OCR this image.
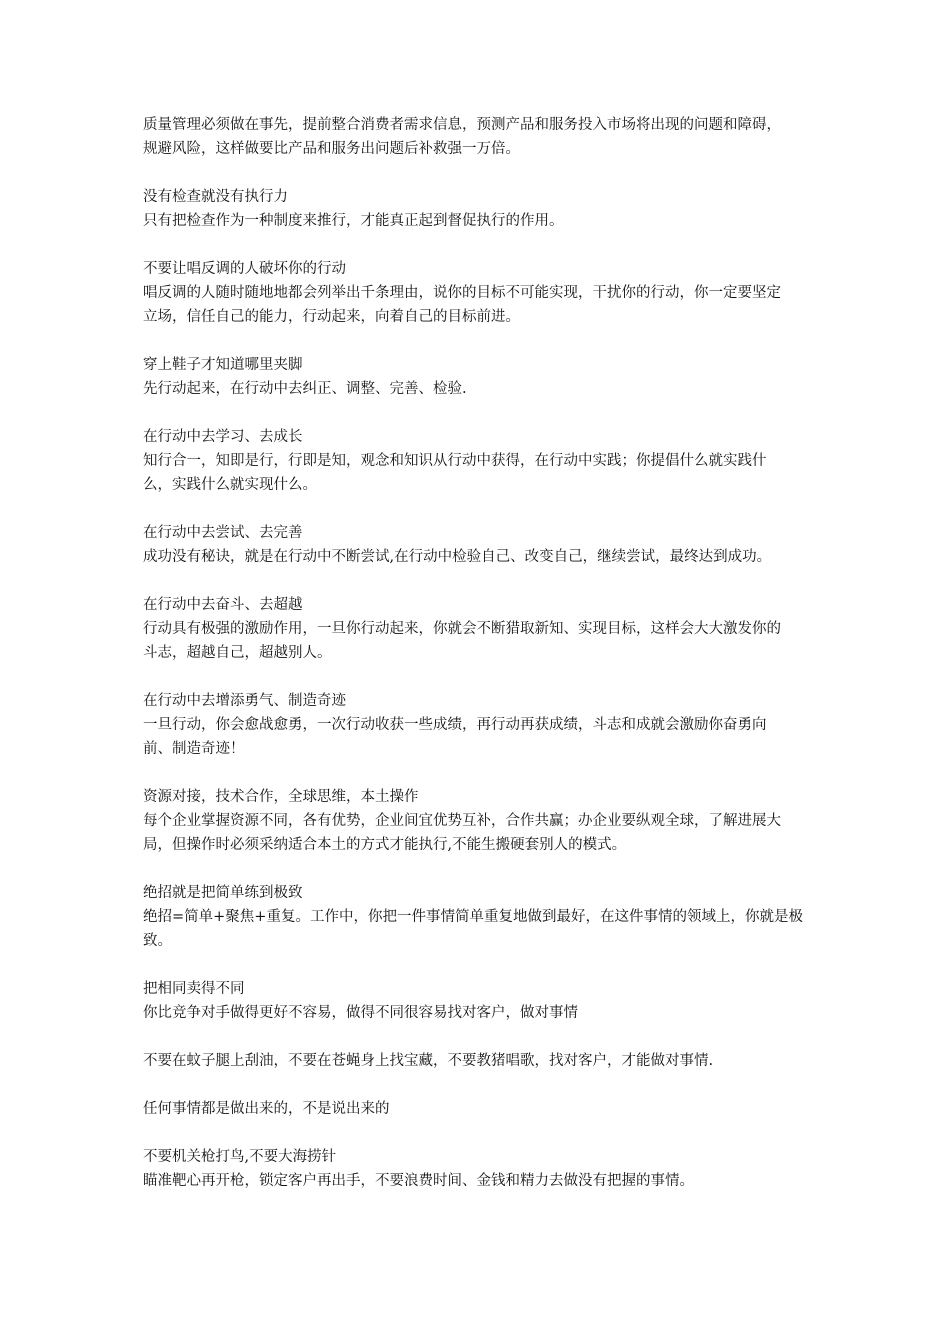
质量管理必须做在事先，提前整合消费者需求信息，预测产品和服务投入市场将出现的问题和障碍，
规避风险，这样做要比产品和服务出问题后补救强一万倍。
没有检查就没有执行力
只有把检查作为一种制度来推行，才能真正起到督促执行的作用。
不要让唱反调的人破坏你的行动
唱反调的人随时随地地都会列举出千条理由，说你的目标不可能实现，干扰你的行动，你一定要坚定
立场，信任自己的能力，行动起来，向着自己的目标前进。
穿上鞋子才知道哪里夹脚
先行动起来，在行动中去纠正、调整、完善、检验.
在行动中去学习、去成长
知行合一，知即是行，行即是知，观念和知识从行动中获得，在行动中实践；你提倡什么就实践什
么，实践什么就实现什么。
在行动中去尝试、去完善
成功没有秘诀，就是在行动中不断尝试,在行动中检验自己、改变自己，继续尝试，最终达到成功。
在行动中去奋斗、去超越
行动具有极强的激励作用，一旦你行动起来，你就会不断猎取新知、实现目标，这样会大大激发你的
斗志，超越自己，超越别人。
在行动中去增添勇气、制造奇迹
一旦行动，你会愈战愈勇，一次行动收获一些成绩，再行动再获成绩，斗志和成就会激励你奋勇向
前、制造奇迹！
资源对接，技术合作，全球思维，本土操作
每个企业掌握资源不同，各有优势，企业间宜优势互补，合作共赢；办企业要纵观全球，了解进展大
局，但操作时必须采纳适合本土的方式才能执行,不能生搬硬套别人的模式。
绝招就是把简单练到极致
绝招=简单+聚焦+重复。工作中，你把一件事情简单重复地做到最好，在这件事情的领域上，你就是极
致。
把相同卖得不同
你比竞争对手做得更好不容易，做得不同很容易找对客户，做对事情
不要在蚊子腿上刮油，不要在苍蝇身上找宝藏，不要教猪唱歌，找对客户，才能做对事情.
任何事情都是做出来的，不是说出来的
不要机关枪打鸟,不要大海捞针
瞄准靶心再开枪，锁定客户再出手，不要浪费时间、金钱和精力去做没有把握的事情。
